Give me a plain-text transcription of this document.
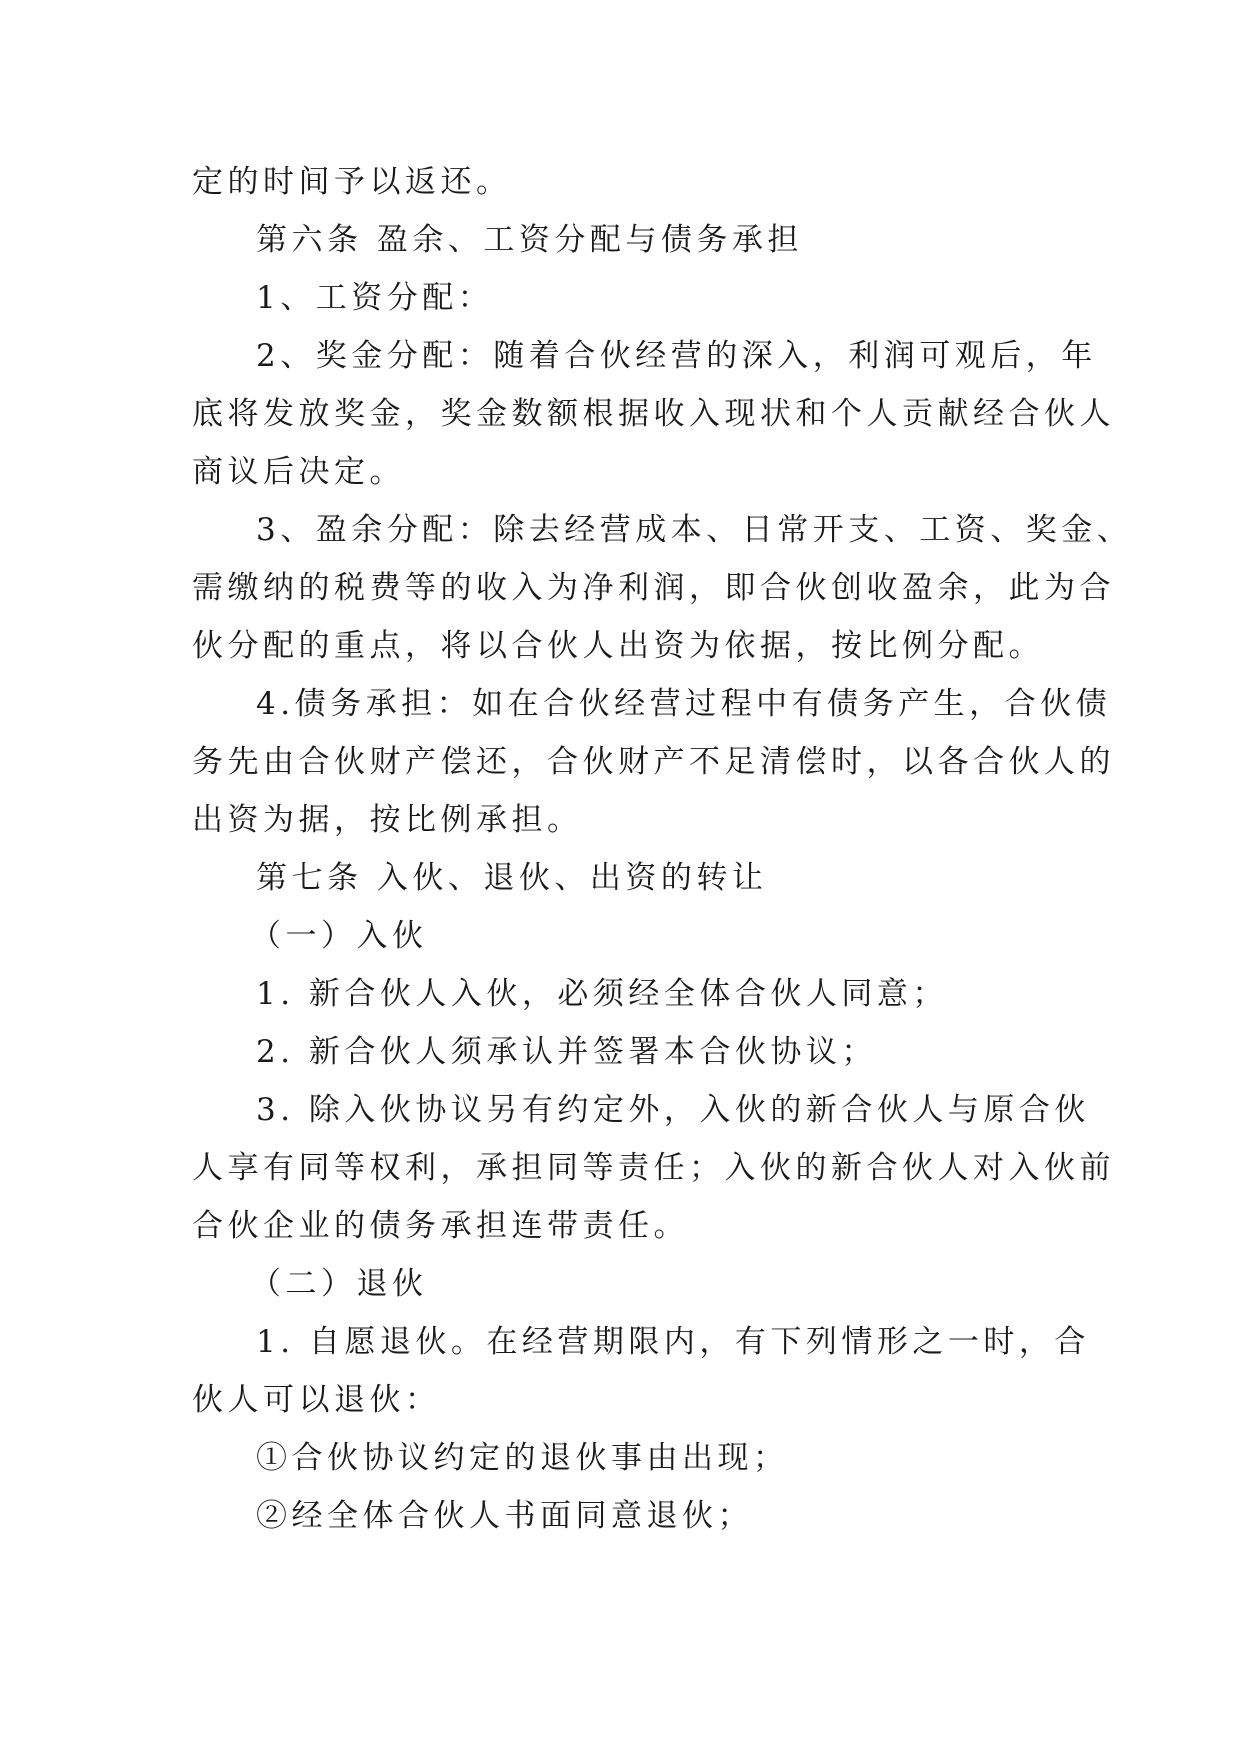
定的时间予以返还。

第六条 盈余、工资分配与债务承担

1、工资分配：

2、奖金分配：随着合伙经营的深入，利润可观后，年

底将发放奖金，奖金数额根据收入现状和个人贡献经合伙人

商议后决定。

3、盈余分配：除去经营成本、日常开支、工资、奖金、

需缴纳的税费等的收入为净利润，即合伙创收盈余，此为合

伙分配的重点，将以合伙人出资为依据，按比例分配。

4.债务承担：如在合伙经营过程中有债务产生，合伙债

务先由合伙财产偿还，合伙财产不足清偿时，以各合伙人的

出资为据，按比例承担。

第七条 入伙、退伙、出资的转让

（一）入伙

1. 新合伙人入伙，必须经全体合伙人同意；

2. 新合伙人须承认并签署本合伙协议；

3. 除入伙协议另有约定外，入伙的新合伙人与原合伙

人享有同等权利，承担同等责任；入伙的新合伙人对入伙前

合伙企业的债务承担连带责任。

（二）退伙

1. 自愿退伙。在经营期限内，有下列情形之一时，合

伙人可以退伙：

①合伙协议约定的退伙事由出现；

②经全体合伙人书面同意退伙；
